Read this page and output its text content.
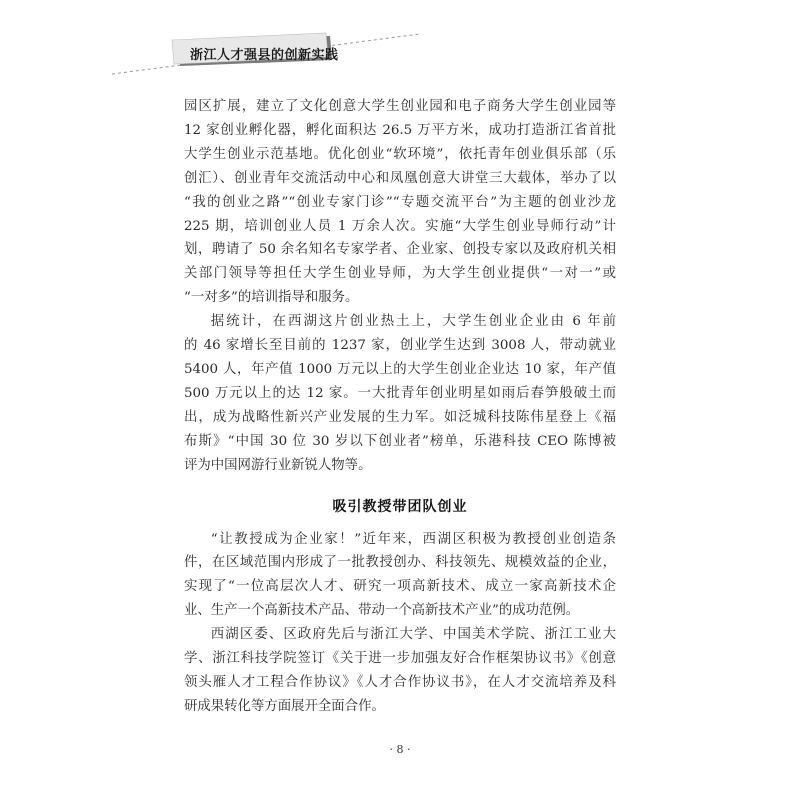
浙江人才强县的创新实践
园区扩展，建立了文化创意大学生创业园和电子商务大学生创业园等
12 家创业孵化器，孵化面积达 26.5 万平方米，成功打造浙江省首批
大学生创业示范基地。优化创业“软环境”，依托青年创业俱乐部（乐
创汇）、创业青年交流活动中心和凤凰创意大讲堂三大载体，举办了以
“我的创业之路”“创业专家门诊”“专题交流平台”为主题的创业沙龙
225 期，培训创业人员 1 万余人次。实施“大学生创业导师行动”计
划，聘请了 50 余名知名专家学者、企业家、创投专家以及政府机关相
关部门领导等担任大学生创业导师，为大学生创业提供“一对一”或
“一对多”的培训指导和服务。
据统计，在西湖这片创业热土上，大学生创业企业由 6 年前
的 46 家增长至目前的 1237 家，创业学生达到 3008 人，带动就业
5400 人，年产值 1000 万元以上的大学生创业企业达 10 家，年产值
500 万元以上的达 12 家。一大批青年创业明星如雨后春笋般破土而
出，成为战略性新兴产业发展的生力军。如泛城科技陈伟星登上《福
布斯》“中国 30 位 30 岁以下创业者”榜单，乐港科技 CEO 陈博被
评为中国网游行业新锐人物等。
吸引教授带团队创业
“让教授成为企业家！”近年来，西湖区积极为教授创业创造条
件，在区域范围内形成了一批教授创办、科技领先、规模效益的企业，
实现了“一位高层次人才、研究一项高新技术、成立一家高新技术企
业、生产一个高新技术产品、带动一个高新技术产业”的成功范例。
西湖区委、区政府先后与浙江大学、中国美术学院、浙江工业大
学、浙江科技学院签订《关于进一步加强友好合作框架协议书》《创意
领头雁人才工程合作协议》《人才合作协议书》，在人才交流培养及科
研成果转化等方面展开全面合作。
· 8 ·
